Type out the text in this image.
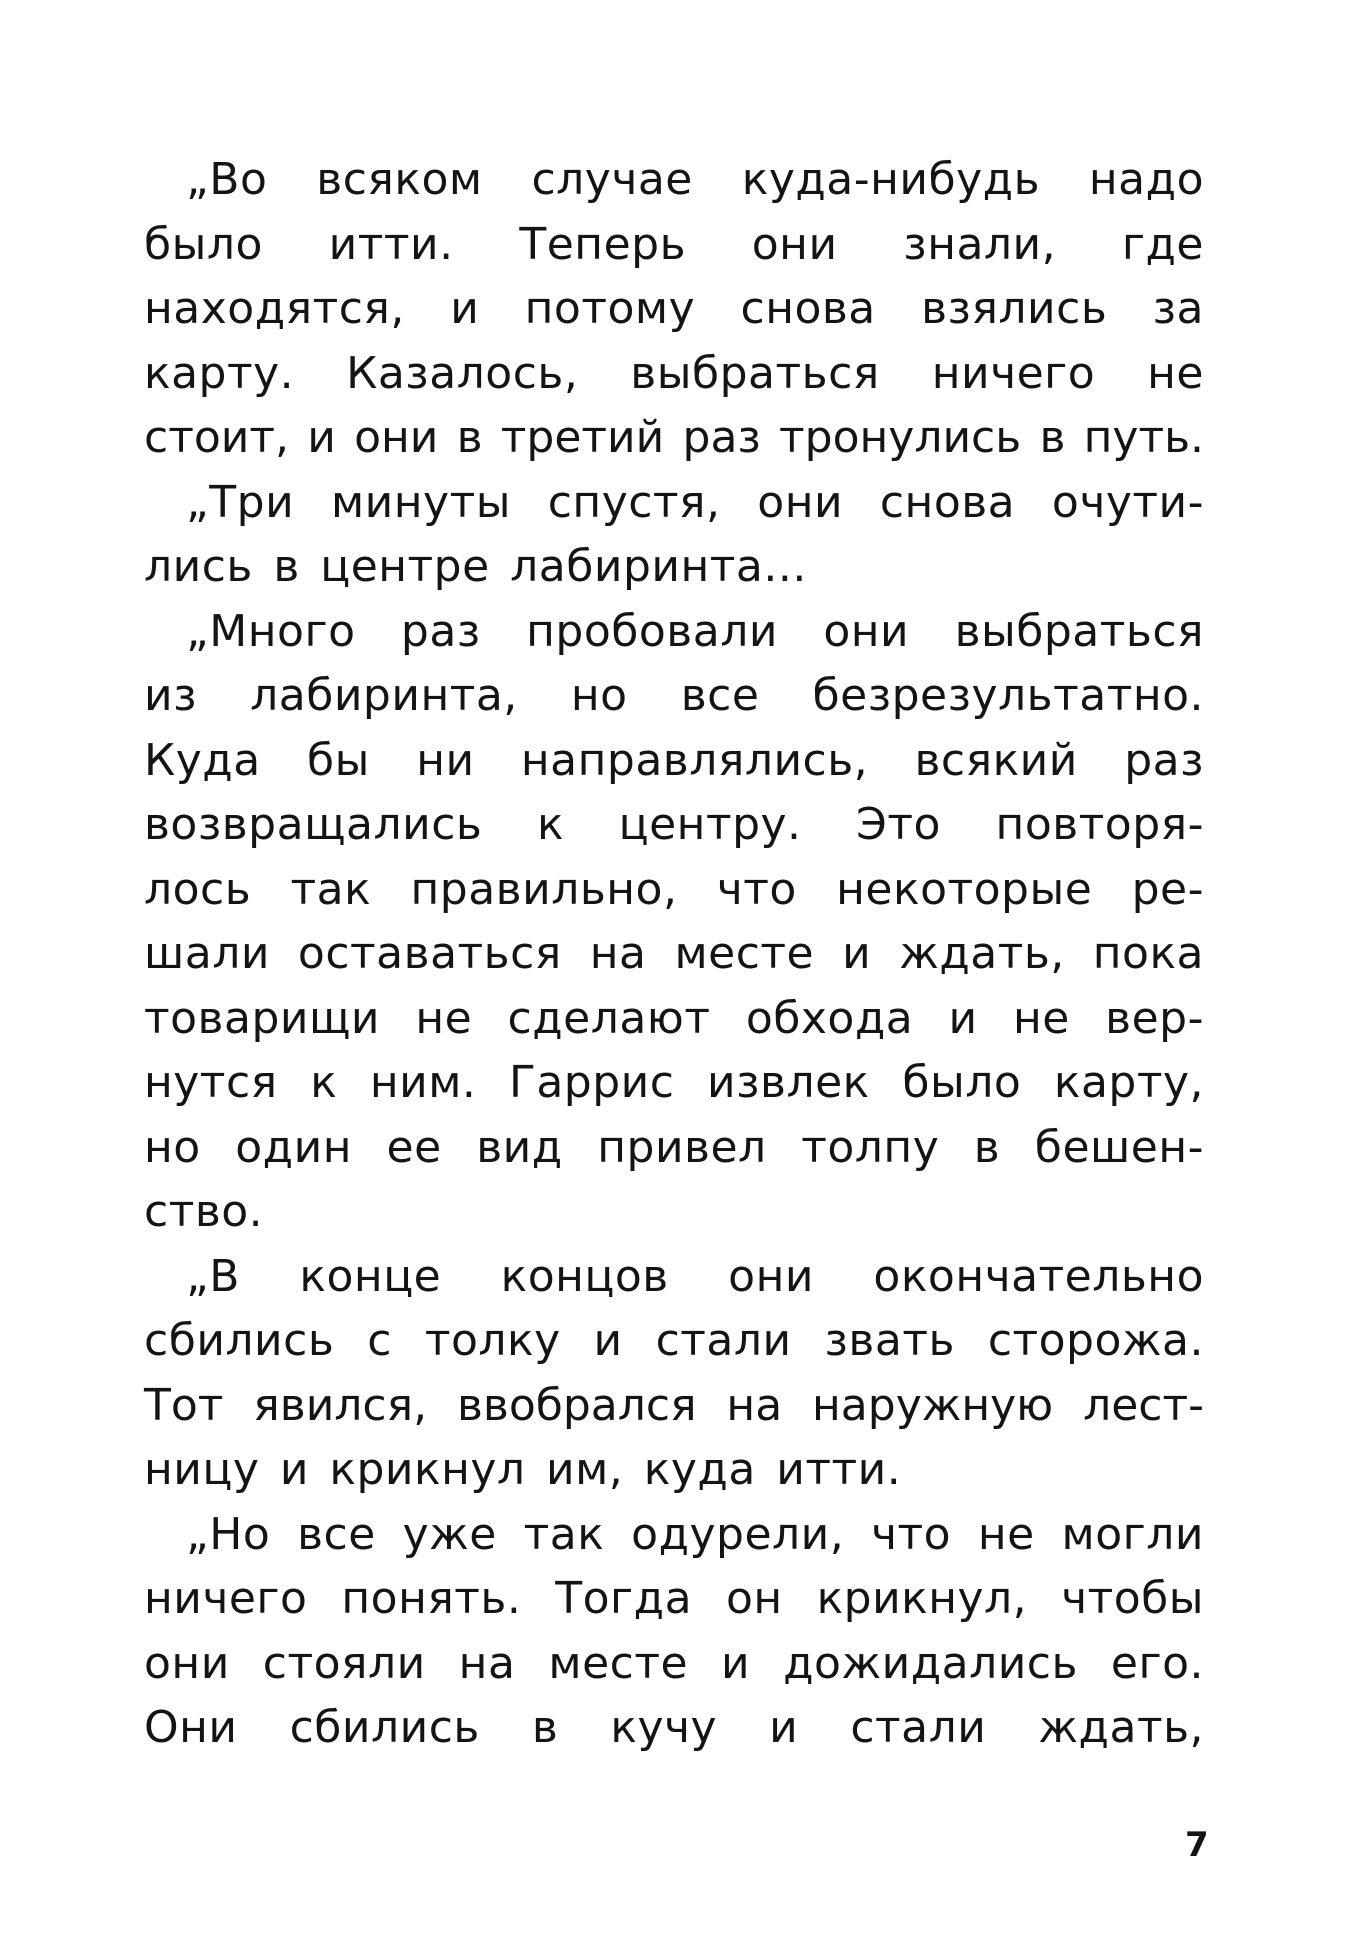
„Во всяком случае куда-нибудь надо
было итти. Теперь они знали, где
находятся, и потому снова взялись за
карту. Казалось, выбраться ничего не
стоит, и они в третий раз тронулись в путь.

„Три минуты спустя, они снова очути-
лись в центре лабиринта...

„Много раз пробовали они выбраться
из лабиринта, но все безрезультатно.
Куда бы ни направлялись, всякий раз
возвращались к центру. Это повторя-
лось так правильно, что некоторые ре-
шали оставаться на месте и ждать, пока
товарищи не сделают обхода и не вер-
нутся к ним. Гаррис извлек было карту,
но один ее вид привел толпу в бешен-
ство.

„В конце концов они окончательно
сбились с толку и стали звать сторожа.
Тот явился, ввобрался на наружную лест-
ницу и крикнул им, куда итти.

„Но все уже так одурели, что не могли
ничего понять. Тогда он крикнул, чтобы
они стояли на месте и дожидались его.
Они сбились в кучу и стали ждать,

7
